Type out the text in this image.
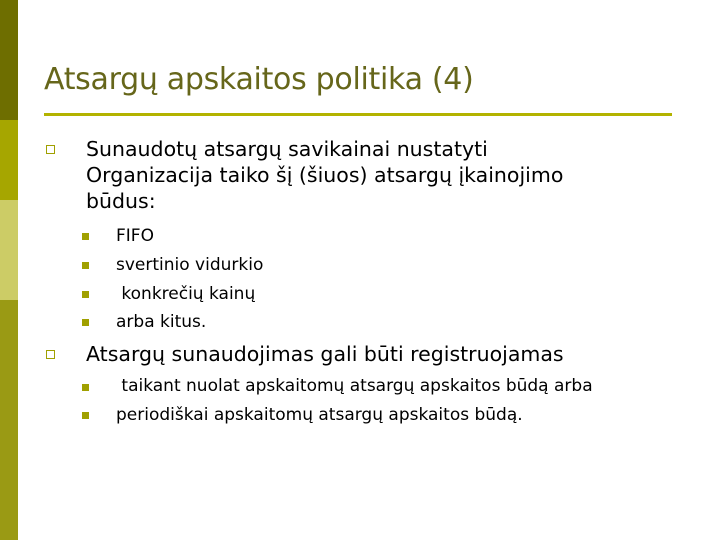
Atsargų apskaitos politika (4)
Sunaudotų atsargų savikainai nustatyti
Organizacija taiko šį (šiuos) atsargų įkainojimo
būdus:
FIFO
svertinio vidurkio
konkrečių kainų
arba kitus.
Atsargų sunaudojimas gali būti registruojamas
taikant nuolat apskaitomų atsargų apskaitos būdą arba
periodiškai apskaitomų atsargų apskaitos būdą.
